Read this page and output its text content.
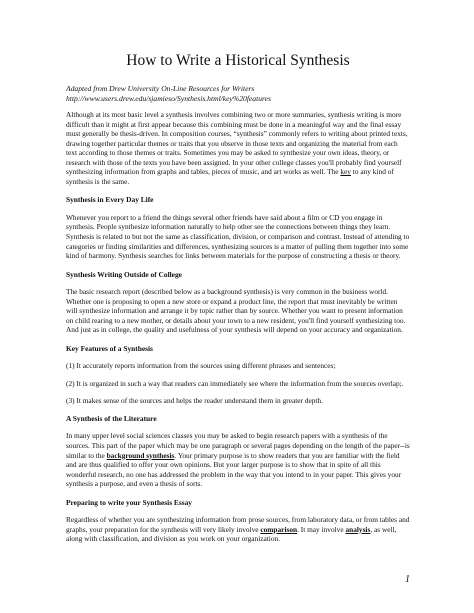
How to Write a Historical Synthesis
Adapted from Drew University On-Line Resources for Writers
http://www.users.drew.edu/sjamieso/Synthesis.html/key%20features

Although at its most basic level a synthesis involves combining two or more summaries, synthesis writing is more difficult than it might at first appear because this combining must be done in a meaningful way and the final essay must generally be thesis-driven. In composition courses, “synthesis” commonly refers to writing about printed texts, drawing together particular themes or traits that you observe in those texts and organizing the material from each text according to those themes or traits. Sometimes you may be asked to synthesize your own ideas, theory, or research with those of the texts you have been assigned. In your other college classes you'll probably find yourself synthesizing information from graphs and tables, pieces of music, and art works as well. The key to any kind of synthesis is the same.

Synthesis in Every Day Life

Whenever you report to a friend the things several other friends have said about a film or CD you engage in synthesis. People synthesize information naturally to help other see the connections between things they learn. Synthesis is related to but not the same as classification, division, or comparison and contrast. Instead of attending to categories or finding similarities and differences, synthesizing sources is a matter of pulling them together into some kind of harmony. Synthesis searches for links between materials for the purpose of constructing a thesis or theory.

Synthesis Writing Outside of College

The basic research report (described below as a background synthesis) is very common in the business world. Whether one is proposing to open a new store or expand a product line, the report that must inevitably be written will synthesize information and arrange it by topic rather than by source. Whether you want to present information on child rearing to a new mother, or details about your town to a new resident, you'll find yourself synthesizing too. And just as in college, the quality and usefulness of your synthesis will depend on your accuracy and organization.

Key Features of a Synthesis
(1) It accurately reports information from the sources using different phrases and sentences;
(2) It is organized in such a way that readers can immediately see where the information from the sources overlap;.
(3) It makes sense of the sources and helps the reader understand them in greater depth.
A Synthesis of the Literature

In many upper level social sciences classes you may be asked to begin research papers with a synthesis of the sources. This part of the paper which may be one paragraph or several pages depending on the length of the paper--is similar to the background synthesis. Your primary purpose is to show readers that you are familiar with the field and are thus qualified to offer your own opinions. But your larger purpose is to show that in spite of all this wonderful research, no one has addressed the problem in the way that you intend to in your paper. This gives your synthesis a purpose, and even a thesis of sorts.

Preparing to write your Synthesis Essay

Regardless of whether you are synthesizing information from prose sources, from laboratory data, or from tables and graphs, your preparation for the synthesis will very likely involve comparison. It may involve analysis, as well, along with classification, and division as you work on your organization.

1
